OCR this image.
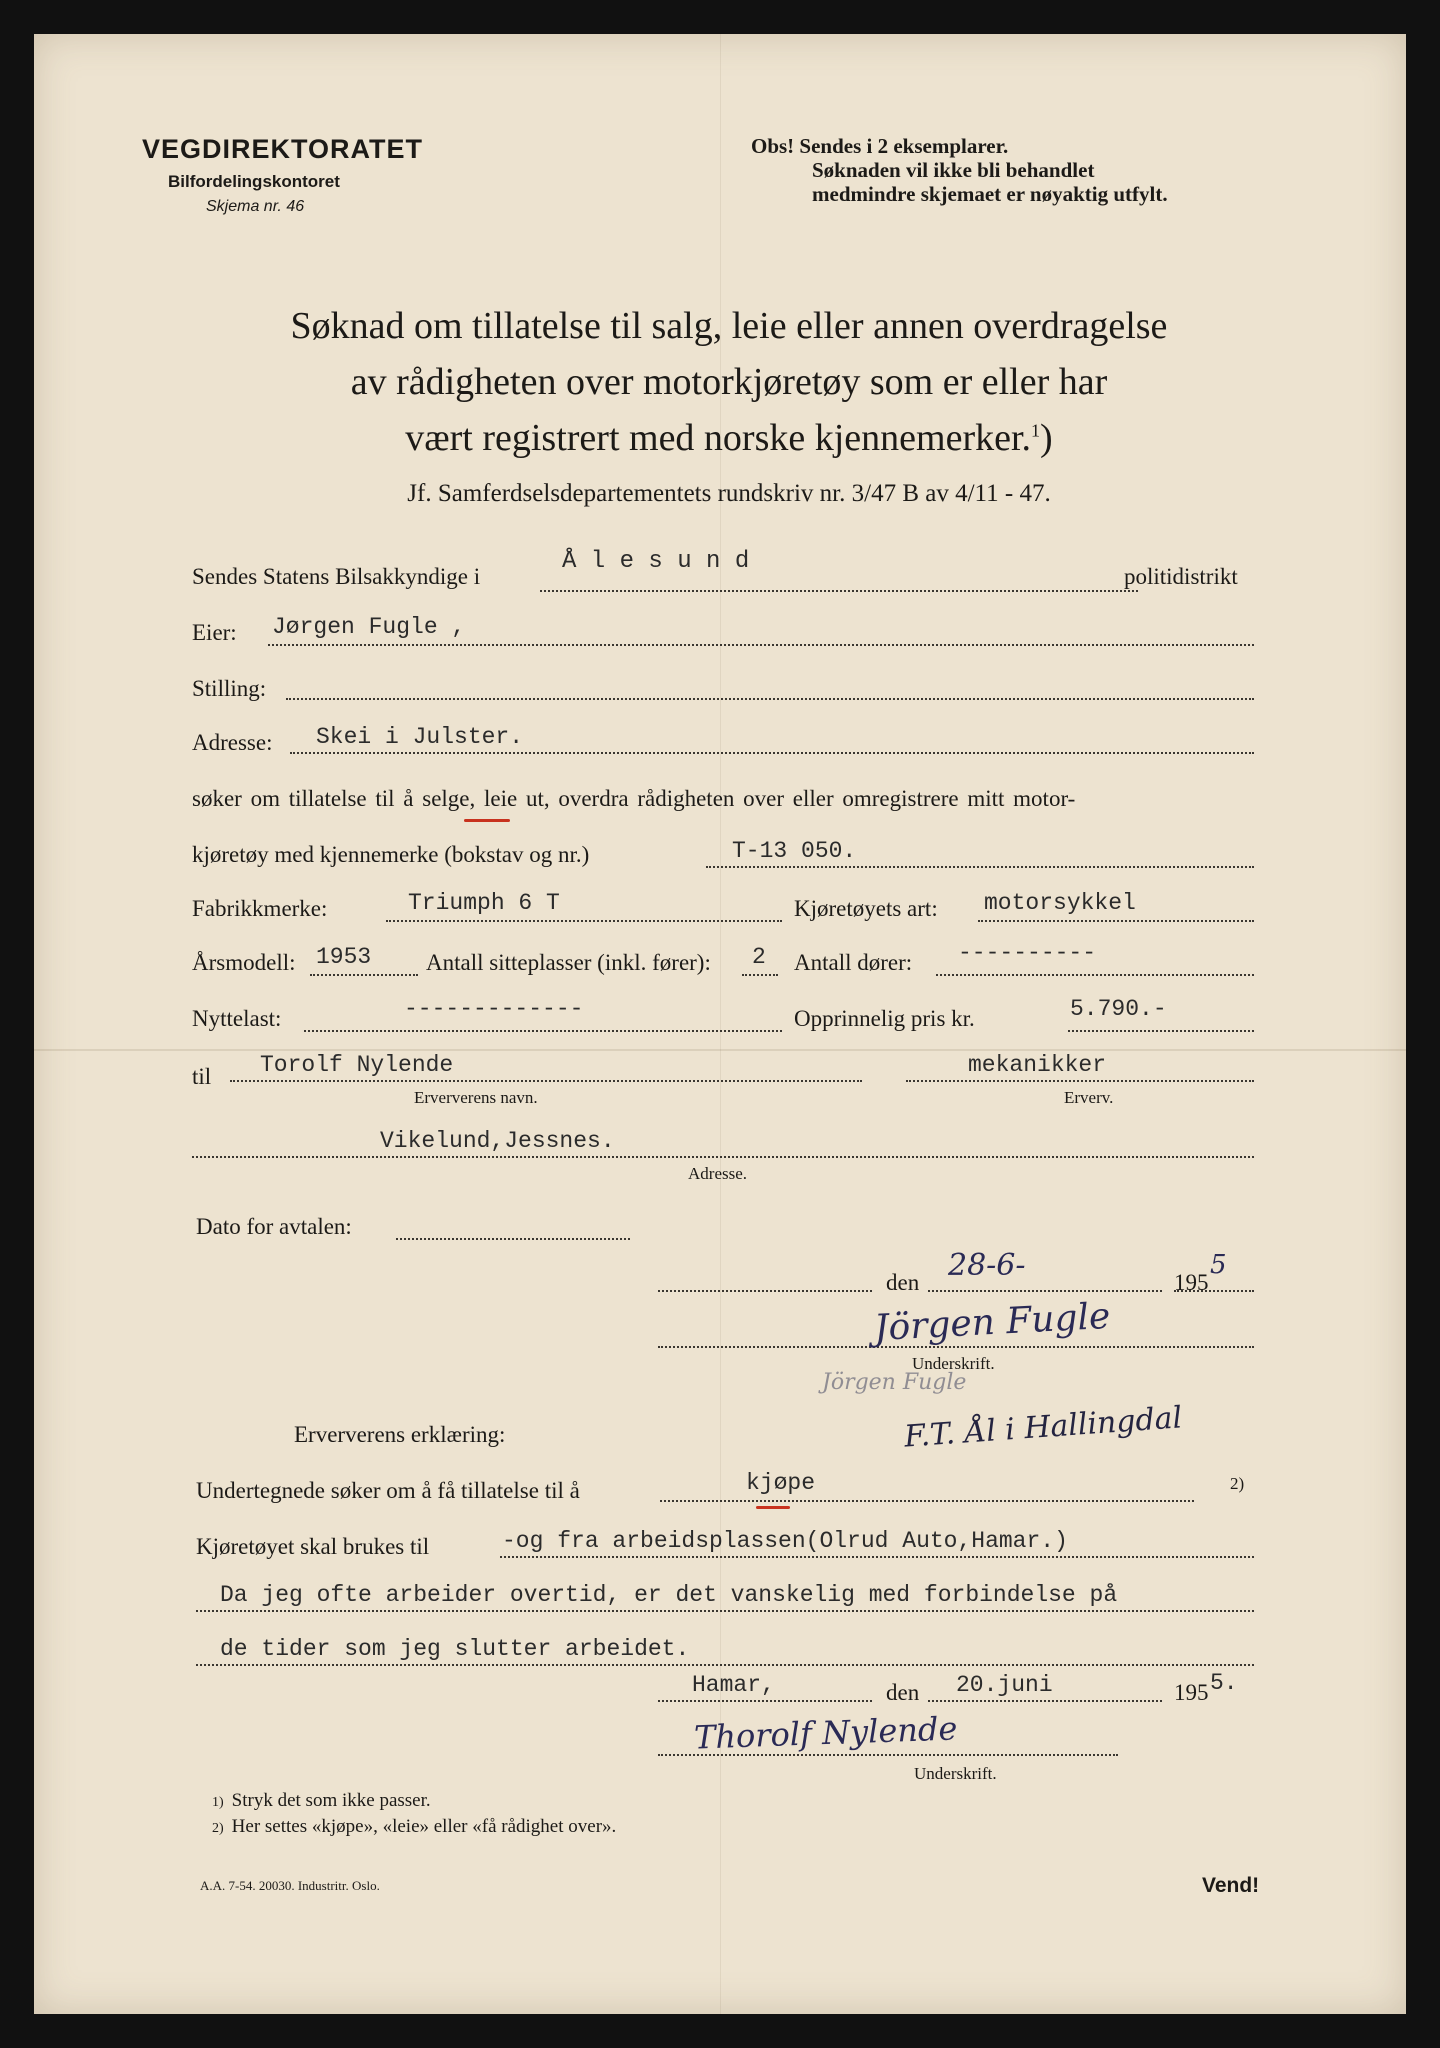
VEGDIREKTORATET
Bilfordelingskontoret
Skjema nr. 46
Obs! Sendes i 2 eksemplarer.
Søknaden vil ikke bli behandlet
medmindre skjemaet er nøyaktig utfylt.
Søknad om tillatelse til salg, leie eller annen overdragelse
av rådigheten over motorkjøretøy som er eller har
vært registrert med norske kjennemerker.$^1$)
Jf. Samferdselsdepartementets rundskriv nr. 3/47 B av 4/11 - 47.
Sendes Statens Bilsakkyndige i
Å l e s u n d
politidistrikt
Eier: Jørgen Fugle ,
Stilling:
Adresse: Skei i Julster.
søker om tillatelse til å selge, leie ut, overdra rådigheten over eller omregistrere mitt motor-
kjøretøy med kjennemerke (bokstav og nr.)	T-13 050.
Fabrikkmerke:	Triumph 6 T	Kjøretøyets art: motorsykkel
Årsmodell: 1953 Antall sitteplasser (inkl. fører): 2 Antall dører: ----------
Nyttelast:	-------------	Opprinnelig pris kr.	5.790.-
til Torolf Nylende
Erververens navn.
mekanikker
Erverv.
Vikelund,Jessnes.
Adresse.
Dato for avtalen:
den 28-6-	195
5
Jörgen Fugle
Underskrift.
Jörgen Fugle
F.T. Ål i Hallingdal
Erververens erklæring:
Undertegnede søker om å få tillatelse til å	kjøpe	2)
Kjøretøyet skal brukes til	-og fra arbeidsplassen(Olrud Auto,Hamar.)
Da jeg ofte arbeider overtid, er det vanskelig med forbindelse på
de tider som jeg slutter arbeidet.
Hamar,	den 20.juni	195 5.
Thorolf Nylende
Underskrift.
1) Stryk det som ikke passer.
2) Her settes «kjøpe», «leie» eller «få rådighet over».
A.A. 7-54. 20030. Industritr. Oslo.	Vend!
